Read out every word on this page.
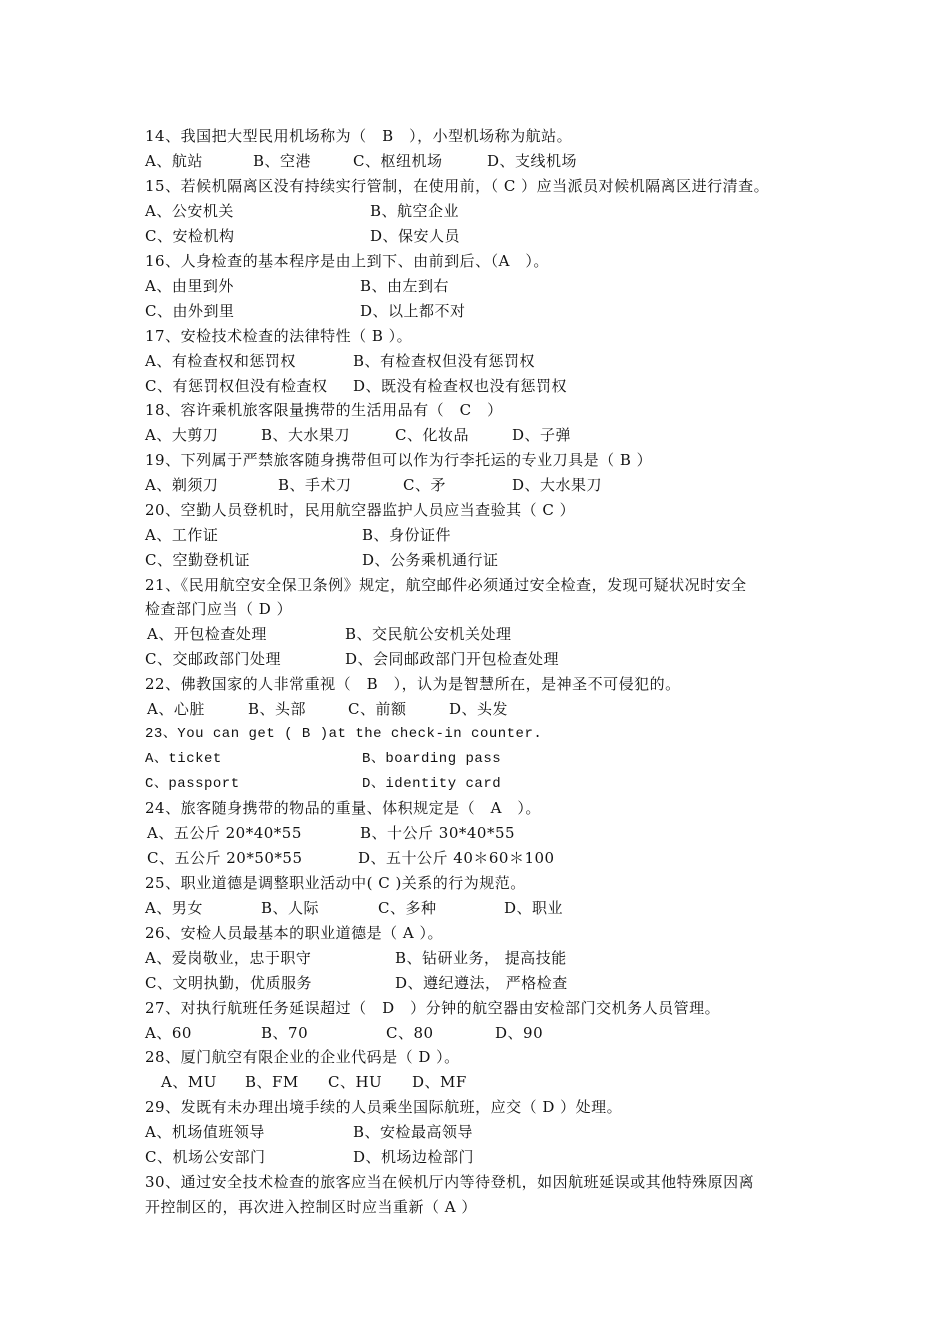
14、我国把大型民用机场称为（　B　），小型机场称为航站。
A、航站	B、空港	C、枢纽机场	D、支线机场
15、若候机隔离区没有持续实行管制，在使用前，（ C ）应当派员对候机隔离区进行清查。
A、公安机关	B、航空企业
C、安检机构	D、保安人员
16、人身检查的基本程序是由上到下、由前到后、（A　）。
A、由里到外	B、由左到右
C、由外到里	D、以上都不对
17、安检技术检查的法律特性（ B ）。
A、有检查权和惩罚权	B、有检查权但没有惩罚权
C、有惩罚权但没有检查权 D、既没有检查权也没有惩罚权
18、容许乘机旅客限量携带的生活用品有（　C　）
A、大剪刀	B、大水果刀	C、化妆品	D、子弹
19、下列属于严禁旅客随身携带但可以作为行李托运的专业刀具是（ B ）
A、剃须刀	B、手术刀	C、矛	D、大水果刀
20、空勤人员登机时，民用航空器监护人员应当查验其（ C ）
A、工作证	B、身份证件
C、空勤登机证	D、公务乘机通行证
21、《民用航空安全保卫条例》规定，航空邮件必须通过安全检查，发现可疑状况时安全
检查部门应当（ D ）
A、开包检查处理	B、交民航公安机关处理
C、交邮政部门处理	D、会同邮政部门开包检查处理
22、佛教国家的人非常重视（　B　），认为是智慧所在，是神圣不可侵犯的。
A、心脏	B、头部	C、前额	D、头发
23、You can get ( B )at the check-in counter.
A、ticket	B、boarding pass
C、passport	D、identity card
24、旅客随身携带的物品的重量、体积规定是（　A　）。
A、五公斤 20*40*55	B、十公斤 30*40*55
C、五公斤 20*50*55	D、五十公斤 40＊60＊100
25、职业道德是调整职业活动中( C )关系的行为规范。
A、男女	B、人际	C、多种	D、职业
26、安检人员最基本的职业道德是（ A ）。
A、爱岗敬业，忠于职守	B、钻研业务， 提高技能
C、文明执勤，优质服务	D、遵纪遵法， 严格检查
27、对执行航班任务延误超过（　D　）分钟的航空器由安检部门交机务人员管理。
A、60	B、70	C、80	D、90
28、厦门航空有限企业的企业代码是（ D ）。
A、MU B、FM C、HU D、MF
29、发既有未办理出境手续的人员乘坐国际航班，应交（ D ）处理。
A、机场值班领导	B、安检最高领导
C、机场公安部门	D、机场边检部门
30、通过安全技术检查的旅客应当在候机厅内等待登机，如因航班延误或其他特殊原因离
开控制区的，再次进入控制区时应当重新（ A ）
